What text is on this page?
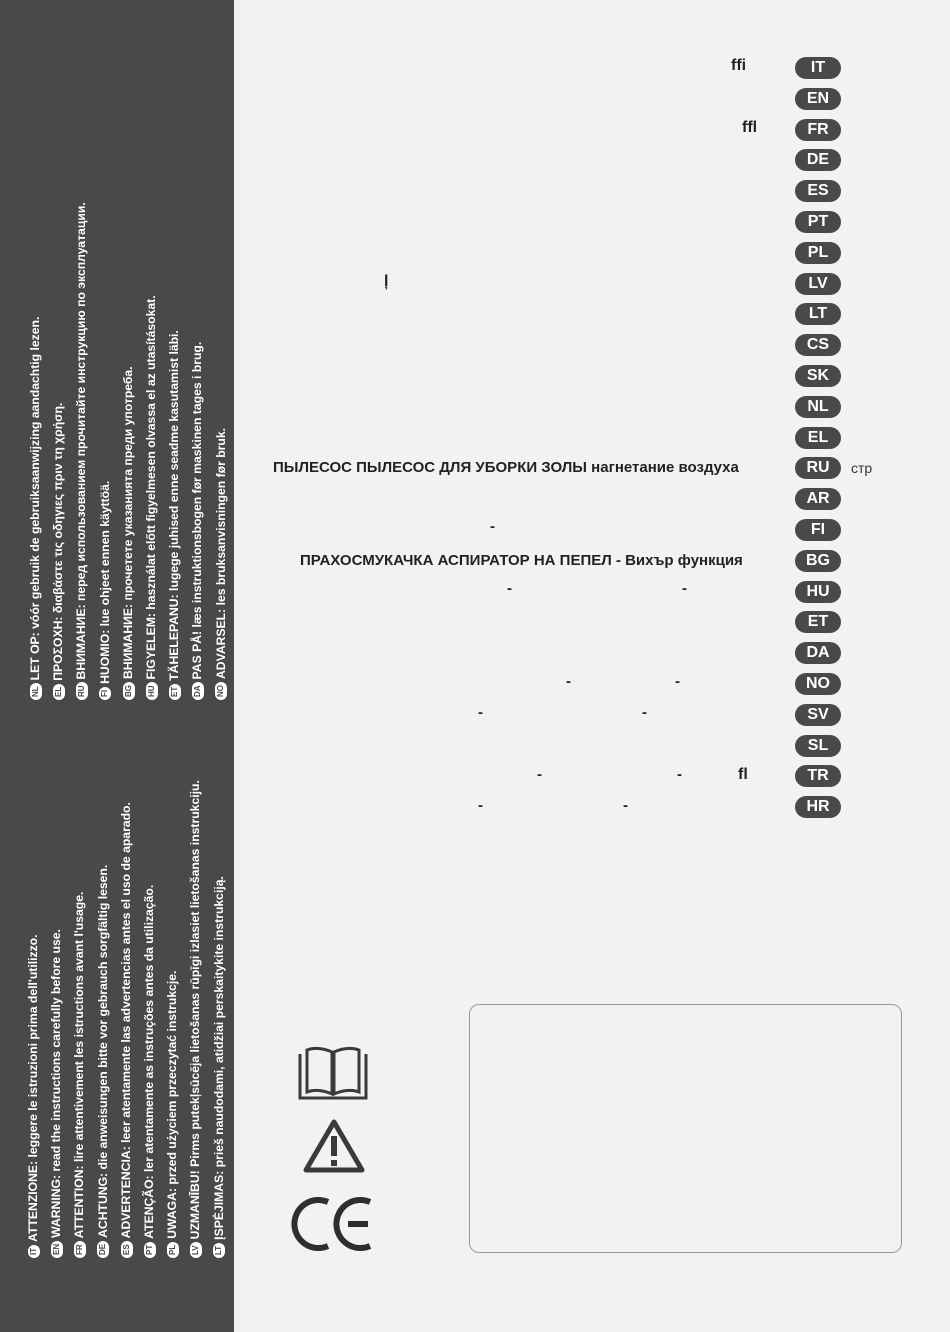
ITATTENZIONE: leggere le istruzioni prima dell'utilizzo.
ENWARNING: read the instructions carefully before use.
FRATTENTION: lire attentivement les istructions avant l'usage.
DEACHTUNG: die anweisungen bitte vor gebrauch sorgfältig lesen.
ESADVERTENCIA: leer atentamente las advertencias antes el uso de aparado.
PTATENÇÃO: ler atentamente as instruções antes da utilização.
PLUWAGA: przed użyciem przeczytać instrukcje.
LVUZMANĪBU! Pirms putekļsūcēja lietošanas rūpīgi izlasiet lietošanas instrukciju.
LTĮSPĖJIMAS: prieš naudodami, atidžiai perskaitykite instrukciją.
NLLET OP: vóór gebruik de gebruiksaanwijzing aandachtig lezen.
ELΠΡΟΣΟΧΗ: διαβάστε τις οδηγιες πριν τη χρήση.
RUВНИМАНИЕ: перед использованием прочитайте инструкцию по эксплуатации.
FIHUOMIO: lue ohjeet ennen käyttöä.
BGВНИМАНИЕ: прочетете указанията преди употреба.
HUFIGYELEM: használat előtt figyelmesen olvassa el az utasításokat.
ETTÄHELEPANU: lugege juhised enne seadme kasutamist läbi.
DAPAS PÅ! læs instruktionsbogen før maskinen tages i brug.
NOADVARSEL: les bruksanvisningen før bruk.
IT
EN
FR
DE
ES
PT
PL
LV
LT
CS
SK
NL
EL
RU
AR
FI
BG
HU
ET
DA
NO
SV
SL
TR
HR
ffi
ffl
ļ
ПЫЛЕСОС ПЫЛЕСОС ДЛЯ УБОРКИ ЗОЛЫ нагнетание воздуха	стр
-
ПРАХОСМУКАЧКА АСПИРАТОР НА ПЕПЕЛ - Вихър функция
-	-
-	-
-	-
-	-	fl
-	-
